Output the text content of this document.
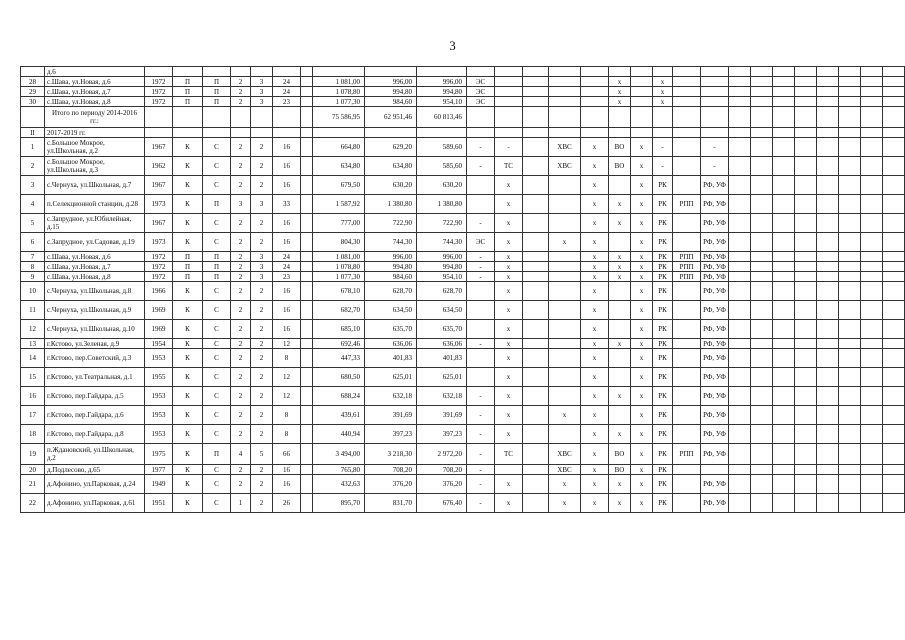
3
	д.6																															
28	с.Шава, ул.Новая, д.6	1972	П	П	2	3	24		1 081,00	996,00	996,00	ЭС					х		х													
29	с.Шава, ул.Новая, д.7	1972	П	П	2	3	24		1 078,80	994,80	994,80	ЭС					х		х													
30	с.Шава, ул.Новая, д.8	1972	П	П	2	3	23		1 077,30	984,60	954,10	ЭС					х		х													
	Итого по периоду 2014-2016 гг.:								75 586,95	62 951,46	60 813,46																					
II	2017-2019 гг.																															
1	с.Большое Мокрое, ул.Школьная, д.2	1967	К	С	2	2	16		664,80	629,20	589,60	-	-		ХВС	х	ВО	х	-		-											
2	с.Большое Мокрое, ул.Школьная, д.3	1962	К	С	2	2	16		634,80	634,80	585,60	-	ТС		ХВС	х	ВО	х	-		-											
3	с.Чернуха, ул.Школьная, д.7	1967	К	С	2	2	16		679,50	630,20	630,20		х			х		х	РК		РФ, УФ											
4	п.Селекционной станции, д.28	1973	К	П	3	3	33		1 587,92	1 380,80	1 380,80		х			х	х	х	РК	РПП	РФ, УФ											
5	с.Запрудное, ул.Юбилейная, д.15	1967	К	С	2	2	16		777,00	722,90	722,90	-	х			х	х	х	РК		РФ, УФ											
6	с.Запрудное, ул.Садовая, д.19	1973	К	С	2	2	16		804,30	744,30	744,30	ЭС	х		х	х		х	РК		РФ, УФ											
7	с.Шава, ул.Новая, д.6	1972	П	П	2	3	24		1 081,00	996,00	996,00	-	х			х	х	х	РК	РПП	РФ, УФ											
8	с.Шава, ул.Новая, д.7	1972	П	П	2	3	24		1 078,80	994,80	994,80	-	х			х	х	х	РК	РПП	РФ, УФ											
9	с.Шава, ул.Новая, д.8	1972	П	П	2	3	23		1 077,30	984,60	954,10	-	х			х	х	х	РК	РПП	РФ, УФ											
10	с.Чернуха, ул.Школьная, д.8	1966	К	С	2	2	16		678,10	628,70	628,70		х			х		х	РК		РФ, УФ											
11	с.Чернуха, ул.Школьная, д.9	1969	К	С	2	2	16		682,70	634,50	634,50		х			х		х	РК		РФ, УФ											
12	с.Чернуха, ул.Школьная, д.10	1969	К	С	2	2	16		685,10	635,70	635,70		х			х		х	РК		РФ, УФ											
13	г.Кстово, ул.Зеленая, д.9	1954	К	С	2	2	12		692,46	636,06	636,06	-	х			х	х	х	РК		РФ, УФ											
14	г.Кстово, пер.Советский, д.3	1953	К	С	2	2	8		447,33	401,83	401,83		х			х		х	РК		РФ, УФ											
15	г.Кстово, ул.Театральная, д.1	1955	К	С	2	2	12		680,50	625,01	625,01		х			х		х	РК		РФ, УФ											
16	г.Кстово, пер.Гайдара, д.5	1953	К	С	2	2	12		688,24	632,18	632,18	-	х			х	х	х	РК		РФ, УФ											
17	г.Кстово, пер.Гайдара, д.6	1953	К	С	2	2	8		439,61	391,69	391,69	-	х		х	х		х	РК		РФ, УФ											
18	г.Кстово, пер.Гайдара, д.8	1953	К	С	2	2	8		440,94	397,23	397,23	-	х			х	х	х	РК		РФ, УФ											
19	п.Ждановский, ул.Школьная, д.2	1975	К	П	4	5	66		3 494,00	3 218,30	2 972,20	-	ТС		ХВС	х	ВО	х	РК	РПП	РФ, УФ											
20	д.Подлесово, д.65	1977	К	С	2	2	16		765,80	708,20	708,20	-			ХВС	х	ВО	х	РК													
21	д.Афонино, ул.Парковая, д.24	1949	К	С	2	2	16		432,63	376,20	376,20	-	х		х	х	х	х	РК		РФ, УФ											
22	д.Афонино, ул.Парковая, д.61	1951	К	С	1	2	26		895,70	831,70	676,40	-	х		х	х	х	х	РК		РФ, УФ											
